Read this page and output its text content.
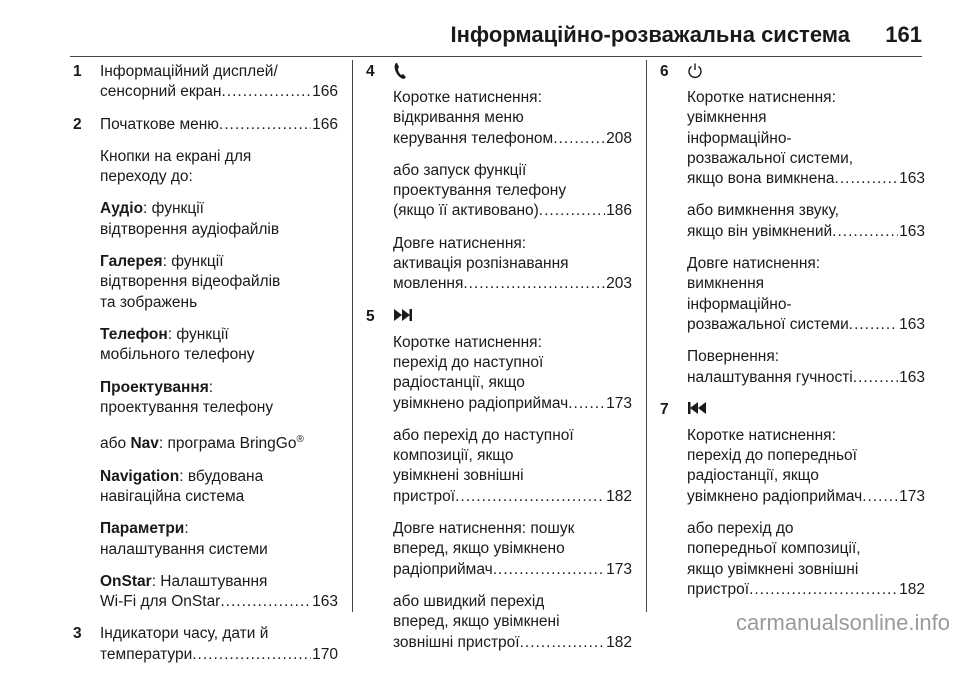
Інформаційно-розважальна система 161
1 Інформаційний дисплей/
сенсорний екран .....	166
2 Початкове меню .....	166
Кнопки на екрані для
переходу до:
Аудіо: функції
відтворення аудіофайлів
Галерея: функції
відтворення відеофайлів
та зображень
Телефон: функції
мобільного телефону
Проектування:
проектування телефону
або Nav: програма BringGo®
Navigation: вбудована
навігаційна система
Параметри:
налаштування системи
OnStar: Налаштування
Wi-Fi для OnStar .....	163
3 Індикатори часу, дати й
температури .....	170
4
Коротке натиснення:
відкривання меню
керування телефоном .....	208
або запуск функції
проектування телефону
(якщо її активовано) .....	186
Довге натиснення:
активація розпізнавання
мовлення .....	203
5
Коротке натиснення:
перехід до наступної
радіостанції, якщо
увімкнено радіоприймач ..... 173
або перехід до наступної
композиції, якщо
увімкнені зовнішні
пристрої .....	182
Довге натиснення: пошук
вперед, якщо увімкнено
радіоприймач .....	173
або швидкий перехід
вперед, якщо увімкнені
зовнішні пристрої .....	182
6
Коротке натиснення:
увімкнення
інформаційно-
розважальної системи,
якщо вона вимкнена .....	163
або вимкнення звуку,
якщо він увімкнений .....	163
Довге натиснення:
вимкнення
інформаційно-
розважальної системи .....	163
Повернення:
налаштування гучності .....	163
7
Коротке натиснення:
перехід до попередньої
радіостанції, якщо
увімкнено радіоприймач ..... 173
або перехід до
попередньої композиції,
якщо увімкнені зовнішні
пристрої .....	182
carmanualsonline.info
